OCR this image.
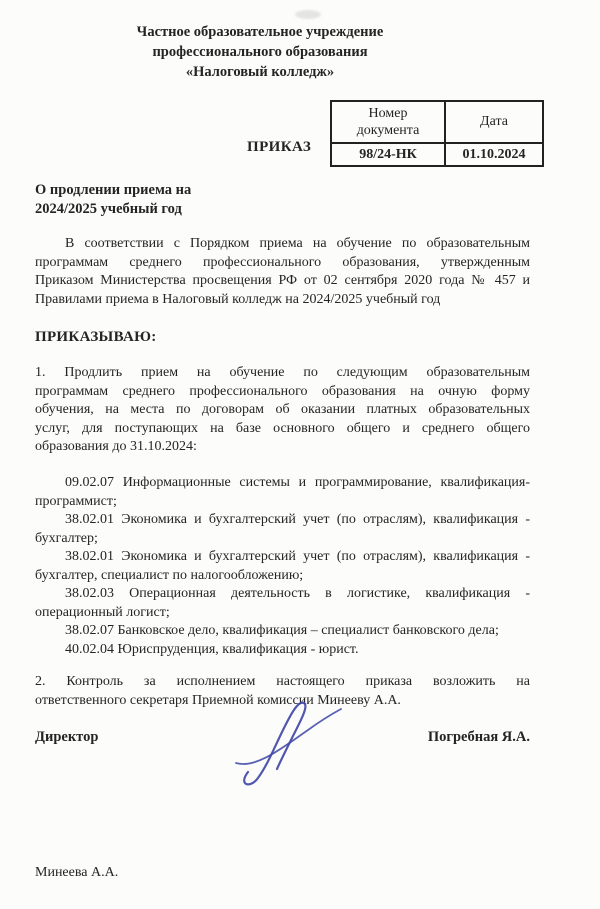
Частное образовательное учреждение
профессионального образования
«Налоговый колледж»
Номер документа	Дата
98/24-НК	01.10.2024
ПРИКАЗ
О продлении приема на
2024/2025 учебный год
В соответствии с Порядком приема на обучение по образовательным
программам среднего профессионального образования, утвержденным
Приказом Министерства просвещения РФ от 02 сентября 2020 года № 457 и
Правилами приема в Налоговый колледж на 2024/2025 учебный год
ПРИКАЗЫВАЮ:
1. Продлить прием на обучение по следующим образовательным
программам среднего профессионального образования на очную форму
обучения, на места по договорам об оказании платных образовательных
услуг, для поступающих на базе основного общего и среднего общего
образования до 31.10.2024:
09.02.07 Информационные системы и программирование, квалификация-
программист;
38.02.01 Экономика и бухгалтерский учет (по отраслям), квалификация -
бухгалтер;
38.02.01 Экономика и бухгалтерский учет (по отраслям), квалификация -
бухгалтер, специалист по налогообложению;
38.02.03 Операционная деятельность в логистике, квалификация -
операционный логист;
38.02.07 Банковское дело, квалификация – специалист банковского дела;
40.02.04 Юриспруденция, квалификация - юрист.
2. Контроль за исполнением настоящего приказа возложить на
ответственного секретаря Приемной комиссии Минееву А.А.
Директор	Погребная Я.А.
Минеева А.А.
